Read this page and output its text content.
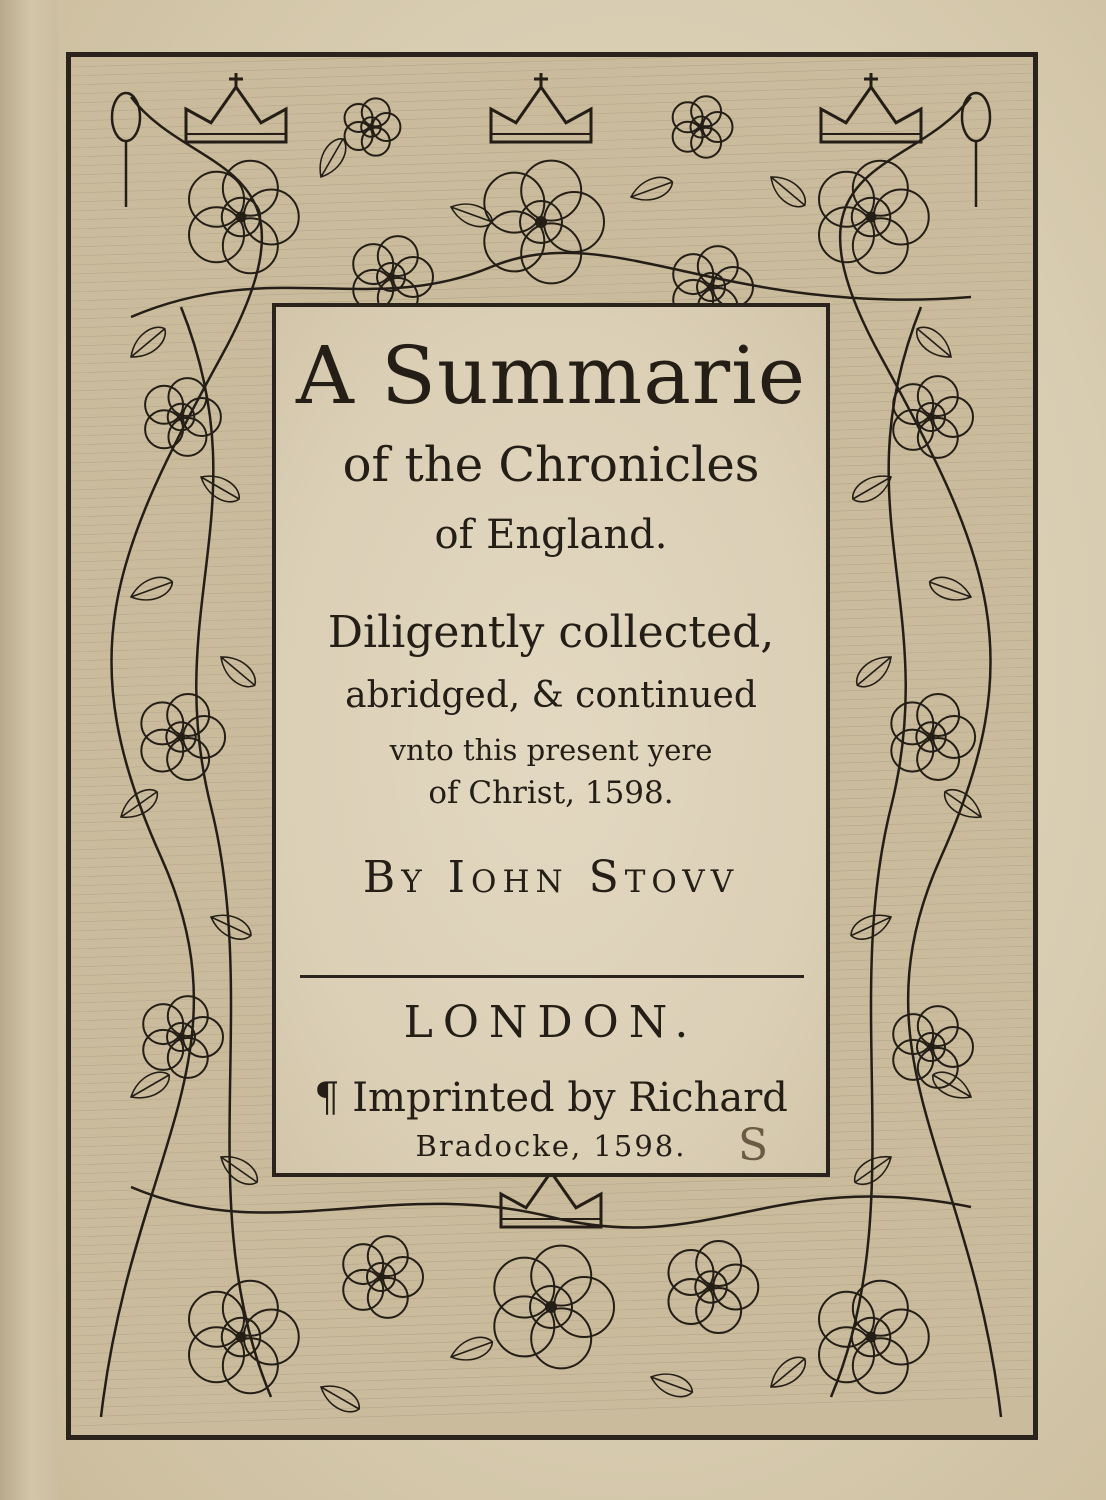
A Summarie
of the Chronicles
of England.
Diligently collected,
abridged, & continued
vnto this present yere
of Christ, 1598.
By Iohn Stovv
LONDON.
¶ Imprinted by Richard
Bradocke, 1598.	S
